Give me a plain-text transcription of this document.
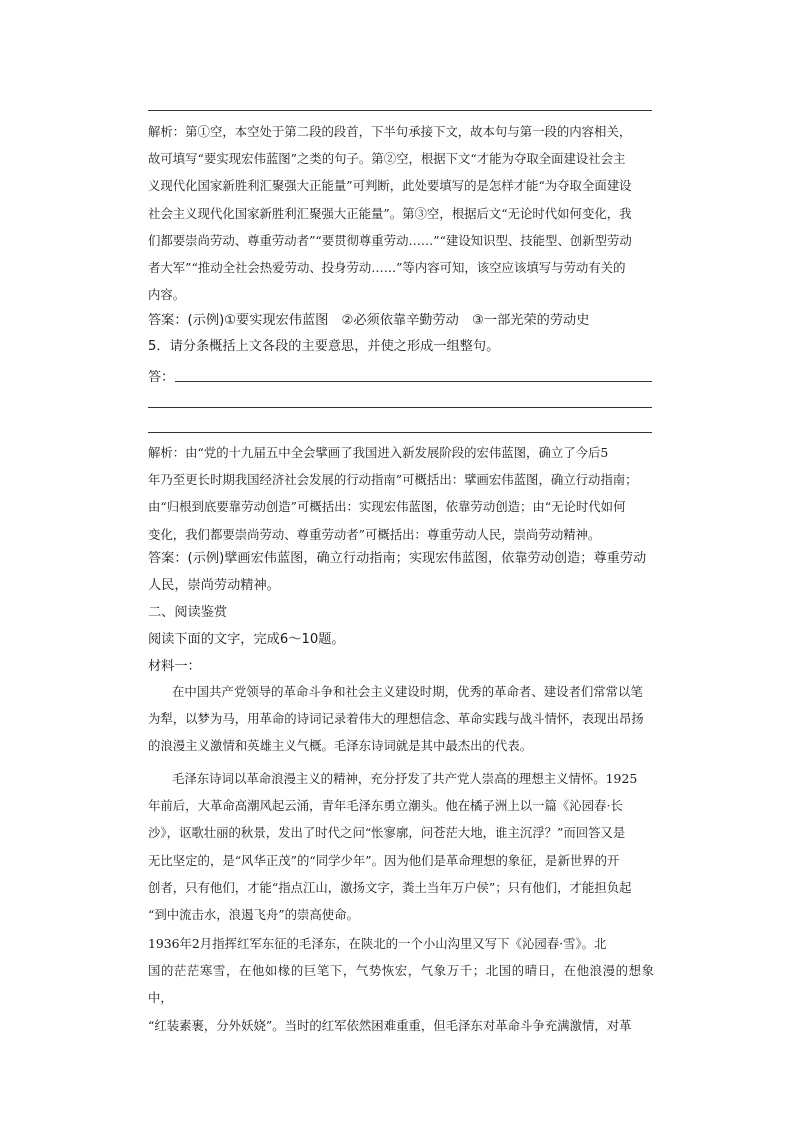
解析：第①空，本空处于第二段的段首，下半句承接下文，故本句与第一段的内容相关，
故可填写“要实现宏伟蓝图”之类的句子。第②空，根据下文“才能为夺取全面建设社会主
义现代化国家新胜利汇聚强大正能量”可判断，此处要填写的是怎样才能“为夺取全面建设
社会主义现代化国家新胜利汇聚强大正能量”。第③空，根据后文“无论时代如何变化，我
们都要崇尚劳动、尊重劳动者”“要贯彻尊重劳动……”“建设知识型、技能型、创新型劳动
者大军”“推动全社会热爱劳动、投身劳动……”等内容可知，该空应该填写与劳动有关的
内容。
答案：(示例)①要实现宏伟蓝图　②必须依靠辛勤劳动　③一部光荣的劳动史
5．请分条概括上文各段的主要意思，并使之形成一组整句。
答：
解析：由“党的十九届五中全会擘画了我国进入新发展阶段的宏伟蓝图，确立了今后5
年乃至更长时期我国经济社会发展的行动指南”可概括出：擘画宏伟蓝图，确立行动指南；
由“归根到底要靠劳动创造”可概括出：实现宏伟蓝图，依靠劳动创造；由“无论时代如何
变化，我们都要崇尚劳动、尊重劳动者”可概括出：尊重劳动人民，崇尚劳动精神。
答案：(示例)擘画宏伟蓝图，确立行动指南；实现宏伟蓝图，依靠劳动创造；尊重劳动
人民，崇尚劳动精神。
二、阅读鉴赏
阅读下面的文字，完成6～10题。
材料一：
在中国共产党领导的革命斗争和社会主义建设时期，优秀的革命者、建设者们常常以笔
为犁，以梦为马，用革命的诗词记录着伟大的理想信念、革命实践与战斗情怀，表现出昂扬
的浪漫主义激情和英雄主义气概。毛泽东诗词就是其中最杰出的代表。
毛泽东诗词以革命浪漫主义的精神，充分抒发了共产党人崇高的理想主义情怀。1925
年前后，大革命高潮风起云涌，青年毛泽东勇立潮头。他在橘子洲上以一篇《沁园春·长
沙》，讴歌壮丽的秋景，发出了时代之问“怅寥廓，问苍茫大地，谁主沉浮？”而回答又是
无比坚定的，是“风华正茂”的“同学少年”。因为他们是革命理想的象征，是新世界的开
创者，只有他们，才能“指点江山，激扬文字，粪土当年万户侯”；只有他们，才能担负起
“到中流击水，浪遏飞舟”的崇高使命。
1936年2月指挥红军东征的毛泽东，在陕北的一个小山沟里又写下《沁园春·雪》。北
国的茫茫寒雪，在他如椽的巨笔下，气势恢宏，气象万千；北国的晴日，在他浪漫的想象中，
“红装素裹，分外妖娆”。当时的红军依然困难重重，但毛泽东对革命斗争充满激情，对革
